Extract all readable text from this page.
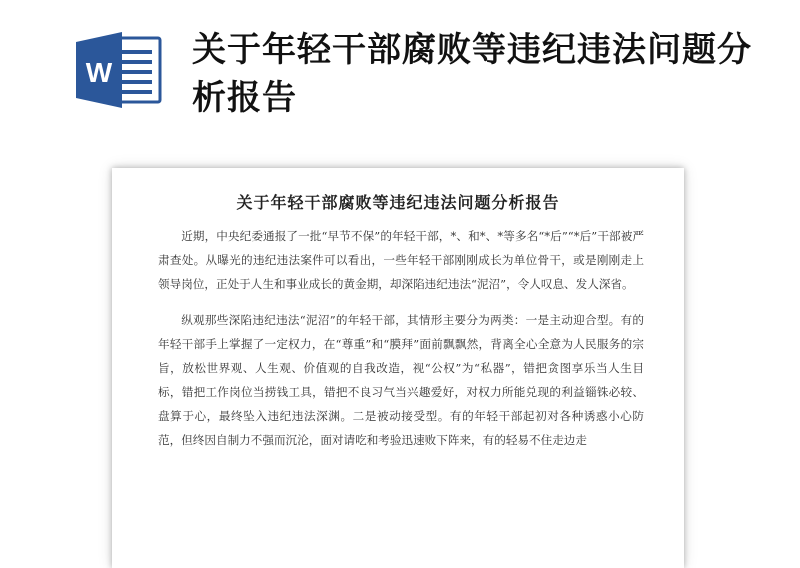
W
关于年轻干部腐败等违纪违法问题分析报告
关于年轻干部腐败等违纪违法问题分析报告

近期，中央纪委通报了一批“早节不保”的年轻干部，*、和*、*等多名“*后”“*后”干部被严肃查处。从曝光的违纪违法案件可以看出，一些年轻干部刚刚成长为单位骨干，或是刚刚走上领导岗位，正处于人生和事业成长的黄金期，却深陷违纪违法“泥沼”，令人叹息、发人深省。

纵观那些深陷违纪违法“泥沼”的年轻干部，其情形主要分为两类：一是主动迎合型。有的年轻干部手上掌握了一定权力，在“尊重”和“膜拜”面前飘飘然，背离全心全意为人民服务的宗旨，放松世界观、人生观、价值观的自我改造，视“公权”为“私器”，错把贪图享乐当人生目标，错把工作岗位当捞钱工具，错把不良习气当兴趣爱好，对权力所能兑现的利益锱铢必较、盘算于心，最终坠入违纪违法深渊。二是被动接受型。有的年轻干部起初对各种诱惑小心防范，但终因自制力不强而沉沦，面对请吃和考验迅速败下阵来，有的轻易不住走边走
